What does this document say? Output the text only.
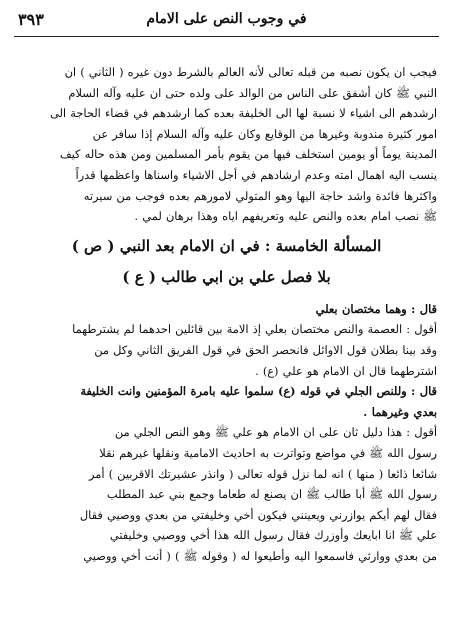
٣٩٣	في وجوب النص على الامام

فيجب ان يكون نصبه من قبله تعالى لأنه العالم بالشرط دون غيره ( الثاني ) ان

النبي ﷺ كان أشفق على الناس من الوالد على ولده حتى ان عليه وآله السلام

ارشدهم الى اشياء لا نسبة لها الى الخليفة بعده كما ارشدهم في قضاء الحاجة الى

امور كثيرة مندوبة وغيرها من الوقايع وكان عليه وآله السلام إذا سافر عن

المدينة يوماً أو يومين استخلف فيها من يقوم بأمر المسلمين ومن هذه حاله كيف

ينسب اليه اهمال امته وعدم ارشادهم في أجل الاشياء واسناها واعظمها قدراً

واكثرها فائدة واشد حاجة اليها وهو المتولي لامورهم بعده فوجب من سيرته

ﷺ نصب امام بعده والنص عليه وتعريفهم اياه وهذا برهان لمي .

المسألة الخامسة : في ان الامام بعد النبي ( ص )

بلا فصل علي بن ابي طالب ( ع )

قال : وهما مختصان بعلي

أقول : العصمة والنص مختصان بعلي إذ الامة بين قائلين احدهما لم يشترطهما

وقد بينا بطلان قول الاوائل فانحصر الحق في قول الفريق الثاني وكل من

اشترطهما قال ان الامام هو علي (ع) .

قال : وللنص الجلي في قوله (ع) سلموا عليه بامرة المؤمنين وانت الخليفة

بعدي وغيرهما .

أقول : هذا دليل ثان على ان الامام هو علي ﷺ وهو النص الجلي من

رسول الله ﷺ في مواضع وتواترت به احاديث الامامية ونقلها غيرهم نقلا

شائعا ذائعا ( منها ) انه لما نزل قوله تعالى ( وانذر عشيرتك الاقربين ) أمر

رسول الله ﷺ أبا طالب ﷺ ان يصنع له طعاما وجمع بني عبد المطلب

فقال لهم أيكم يوازرني ويعينني فيكون أخي وخليفتي من بعدي ووصيي فقال

علي ﷺ انا ابايعك وأوزرك فقال رسول الله هذا أخي ووصيي وخليفتي

من بعدي ووارثي فاسمعوا اليه وأطيعوا له ( وقوله ﷺ ) ( أنت أخي ووصيي
